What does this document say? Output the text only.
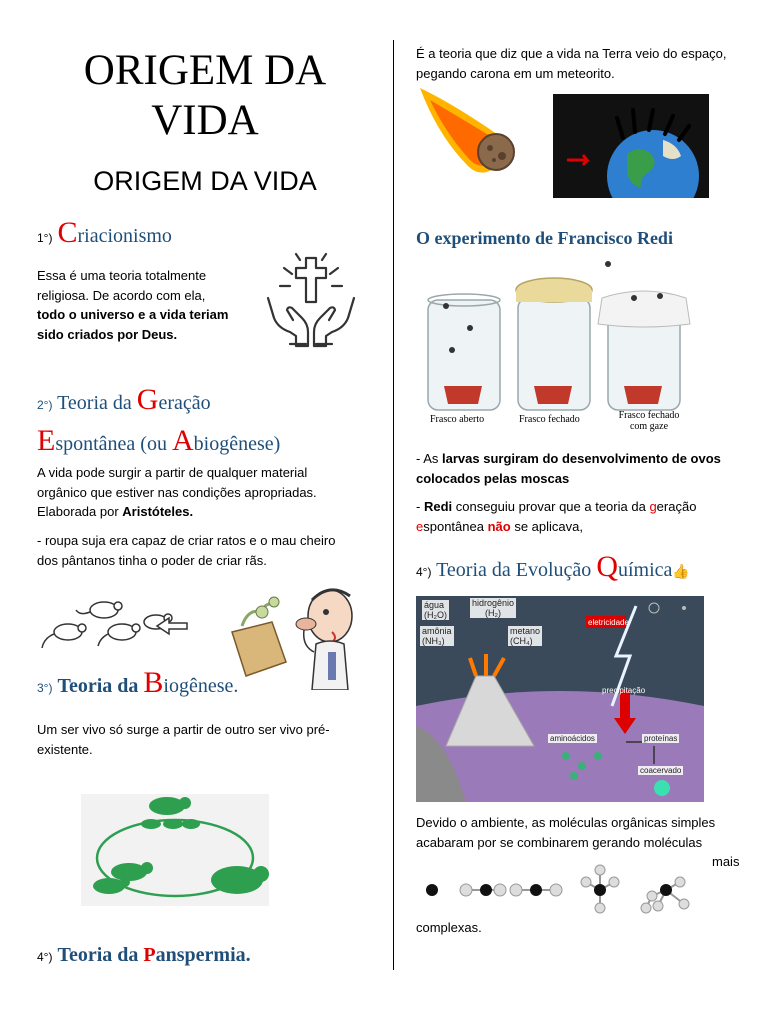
ORIGEM DA
VIDA
ORIGEM DA VIDA
1°) Criacionismo
Essa é uma teoria totalmente
religiosa. De acordo com ela,
todo o universo e a vida teriam
sido criados por Deus.
2°) Teoria da Geração
Espontânea (ou Abiogênese)
A vida pode surgir a partir de qualquer material
orgânico que estiver nas condições apropriadas.
Elaborada por Aristóteles.
- roupa suja era capaz de criar ratos e o mau cheiro
dos pântanos tinha o poder de criar rãs.
3°) Teoria da Biogênese.
Um ser vivo só surge a partir de outro ser vivo pré-
existente.
4°) Teoria da Panspermia.
É a teoria que diz que a vida na Terra veio do espaço,
pegando carona em um meteorito.
O experimento de Francisco Redi
Frasco aberto	Frasco fechado	Frasco fechado
com gaze
- As larvas surgiram do desenvolvimento de ovos
colocados pelas moscas
- Redi conseguiu provar que a teoria da geração
espontânea não se aplicava,
4°) Teoria da Evolução Química👍
água
(H₂O)
hidrogênio
(H₂)
amônia
(NH₃)
metano
(CH₄)
eletricidade
precipitação
aminoácidos	proteínas
coacervado
Devido o ambiente, as moléculas orgânicas simples
acabaram por se combinarem gerando moléculas
mais
complexas.
